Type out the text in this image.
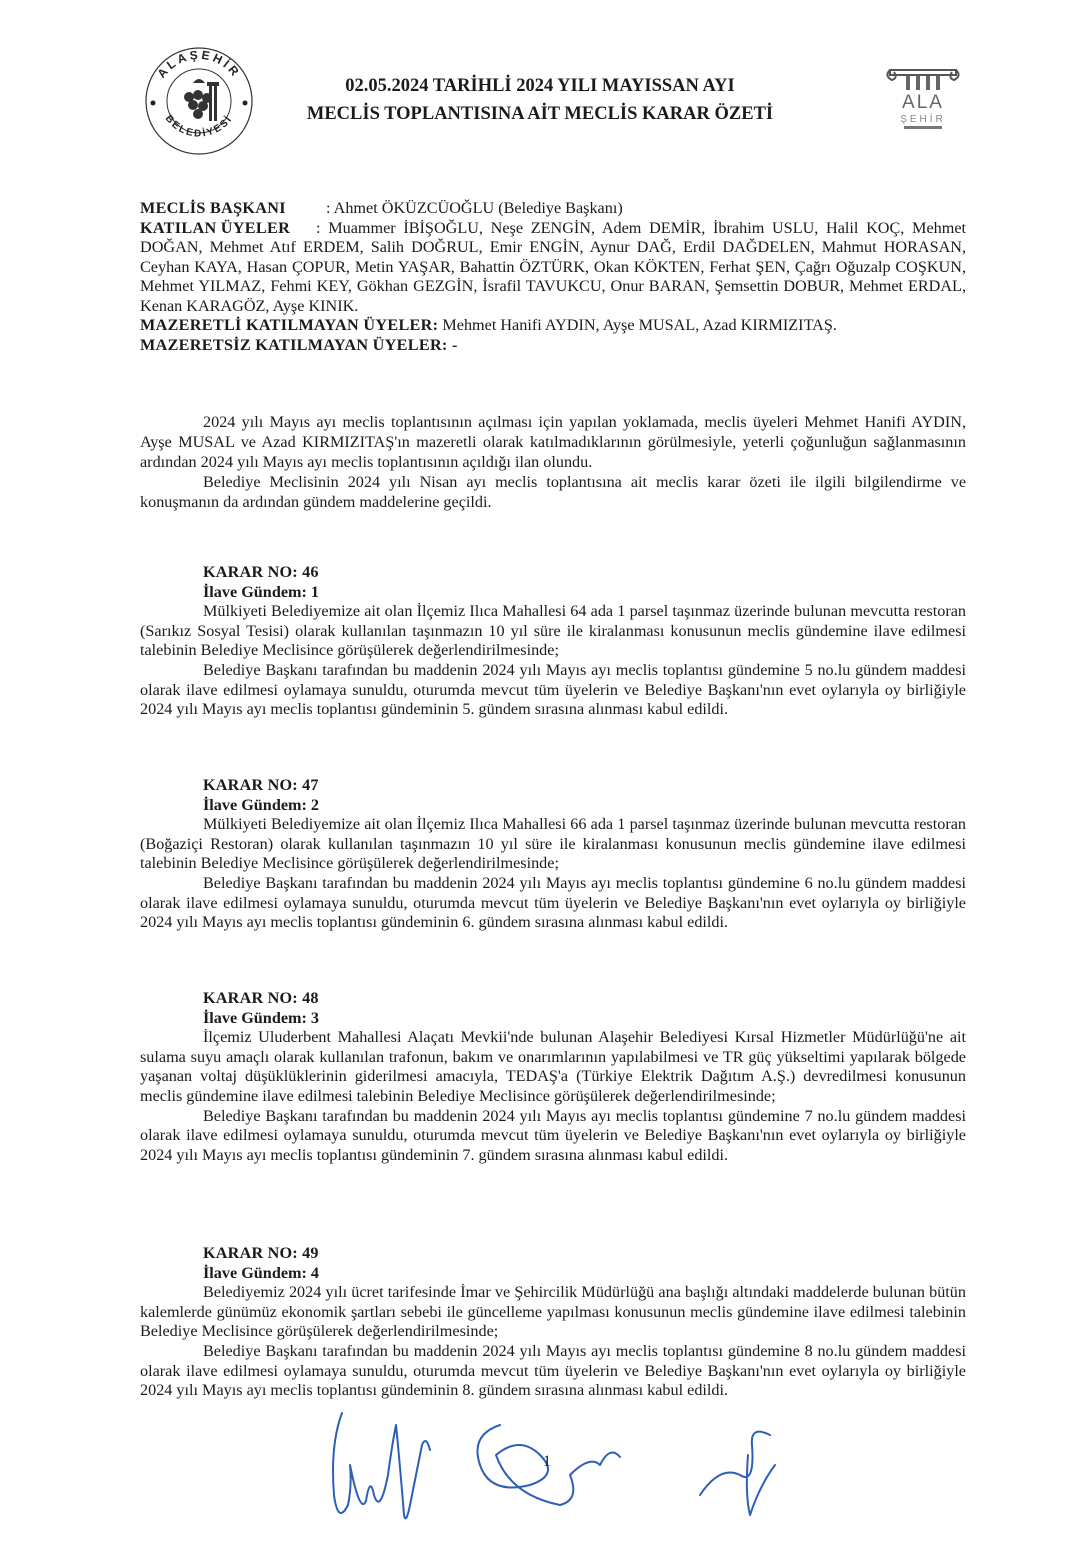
ALAŞEHİR
BELEDİYESİ
02.05.2024 TARİHLİ 2024 YILI MAYISSAN AYI
MECLİS TOPLANTISINA AİT MECLİS KARAR ÖZETİ
ALA
ŞEHİR
MECLİS BAŞKANI : Ahmet ÖKÜZCÜOĞLU (Belediye Başkanı)
KATILAN ÜYELER : Muammer İBİŞOĞLU, Neşe ZENGİN, Adem DEMİR, İbrahim USLU, Halil KOÇ, Mehmet DOĞAN, Mehmet Atıf ERDEM, Salih DOĞRUL, Emir ENGİN, Aynur DAĞ, Erdil DAĞDELEN, Mahmut HORASAN, Ceyhan KAYA, Hasan ÇOPUR, Metin YAŞAR, Bahattin ÖZTÜRK, Okan KÖKTEN, Ferhat ŞEN, Çağrı Oğuzalp COŞKUN, Mehmet YILMAZ, Fehmi KEY, Gökhan GEZGİN, İsrafil TAVUKCU, Onur BARAN, Şemsettin DOBUR, Mehmet ERDAL, Kenan KARAGÖZ, Ayşe KINIK.
MAZERETLİ KATILMAYAN ÜYELER: Mehmet Hanifi AYDIN, Ayşe MUSAL, Azad KIRMIZITAŞ.
MAZERETSİZ KATILMAYAN ÜYELER: -

2024 yılı Mayıs ayı meclis toplantısının açılması için yapılan yoklamada, meclis üyeleri Mehmet Hanifi AYDIN, Ayşe MUSAL ve Azad KIRMIZITAŞ'ın mazeretli olarak katılmadıklarının görülmesiyle, yeterli çoğunluğun sağlanmasının ardından 2024 yılı Mayıs ayı meclis toplantısının açıldığı ilan olundu.

Belediye Meclisinin 2024 yılı Nisan ayı meclis toplantısına ait meclis karar özeti ile ilgili bilgilendirme ve konuşmanın da ardından gündem maddelerine geçildi.

KARAR NO: 46
İlave Gündem: 1

Mülkiyeti Belediyemize ait olan İlçemiz Ilıca Mahallesi 64 ada 1 parsel taşınmaz üzerinde bulunan mevcutta restoran (Sarıkız Sosyal Tesisi) olarak kullanılan taşınmazın 10 yıl süre ile kiralanması konusunun meclis gündemine ilave edilmesi talebinin Belediye Meclisince görüşülerek değerlendirilmesinde;

Belediye Başkanı tarafından bu maddenin 2024 yılı Mayıs ayı meclis toplantısı gündemine 5 no.lu gündem maddesi olarak ilave edilmesi oylamaya sunuldu, oturumda mevcut tüm üyelerin ve Belediye Başkanı'nın evet oylarıyla oy birliğiyle 2024 yılı Mayıs ayı meclis toplantısı gündeminin 5. gündem sırasına alınması kabul edildi.

KARAR NO: 47
İlave Gündem: 2

Mülkiyeti Belediyemize ait olan İlçemiz Ilıca Mahallesi 66 ada 1 parsel taşınmaz üzerinde bulunan mevcutta restoran (Boğaziçi Restoran) olarak kullanılan taşınmazın 10 yıl süre ile kiralanması konusunun meclis gündemine ilave edilmesi talebinin Belediye Meclisince görüşülerek değerlendirilmesinde;

Belediye Başkanı tarafından bu maddenin 2024 yılı Mayıs ayı meclis toplantısı gündemine 6 no.lu gündem maddesi olarak ilave edilmesi oylamaya sunuldu, oturumda mevcut tüm üyelerin ve Belediye Başkanı'nın evet oylarıyla oy birliğiyle 2024 yılı Mayıs ayı meclis toplantısı gündeminin 6. gündem sırasına alınması kabul edildi.

KARAR NO: 48
İlave Gündem: 3

İlçemiz Uluderbent Mahallesi Alaçatı Mevkii'nde bulunan Alaşehir Belediyesi Kırsal Hizmetler Müdürlüğü'ne ait sulama suyu amaçlı olarak kullanılan trafonun, bakım ve onarımlarının yapılabilmesi ve TR güç yükseltimi yapılarak bölgede yaşanan voltaj düşüklüklerinin giderilmesi amacıyla, TEDAŞ'a (Türkiye Elektrik Dağıtım A.Ş.) devredilmesi konusunun meclis gündemine ilave edilmesi talebinin Belediye Meclisince görüşülerek değerlendirilmesinde;

Belediye Başkanı tarafından bu maddenin 2024 yılı Mayıs ayı meclis toplantısı gündemine 7 no.lu gündem maddesi olarak ilave edilmesi oylamaya sunuldu, oturumda mevcut tüm üyelerin ve Belediye Başkanı'nın evet oylarıyla oy birliğiyle 2024 yılı Mayıs ayı meclis toplantısı gündeminin 7. gündem sırasına alınması kabul edildi.

KARAR NO: 49
İlave Gündem: 4

Belediyemiz 2024 yılı ücret tarifesinde İmar ve Şehircilik Müdürlüğü ana başlığı altındaki maddelerde bulunan bütün kalemlerde günümüz ekonomik şartları sebebi ile güncelleme yapılması konusunun meclis gündemine ilave edilmesi talebinin Belediye Meclisince görüşülerek değerlendirilmesinde;

Belediye Başkanı tarafından bu maddenin 2024 yılı Mayıs ayı meclis toplantısı gündemine 8 no.lu gündem maddesi olarak ilave edilmesi oylamaya sunuldu, oturumda mevcut tüm üyelerin ve Belediye Başkanı'nın evet oylarıyla oy birliğiyle 2024 yılı Mayıs ayı meclis toplantısı gündeminin 8. gündem sırasına alınması kabul edildi.

1
